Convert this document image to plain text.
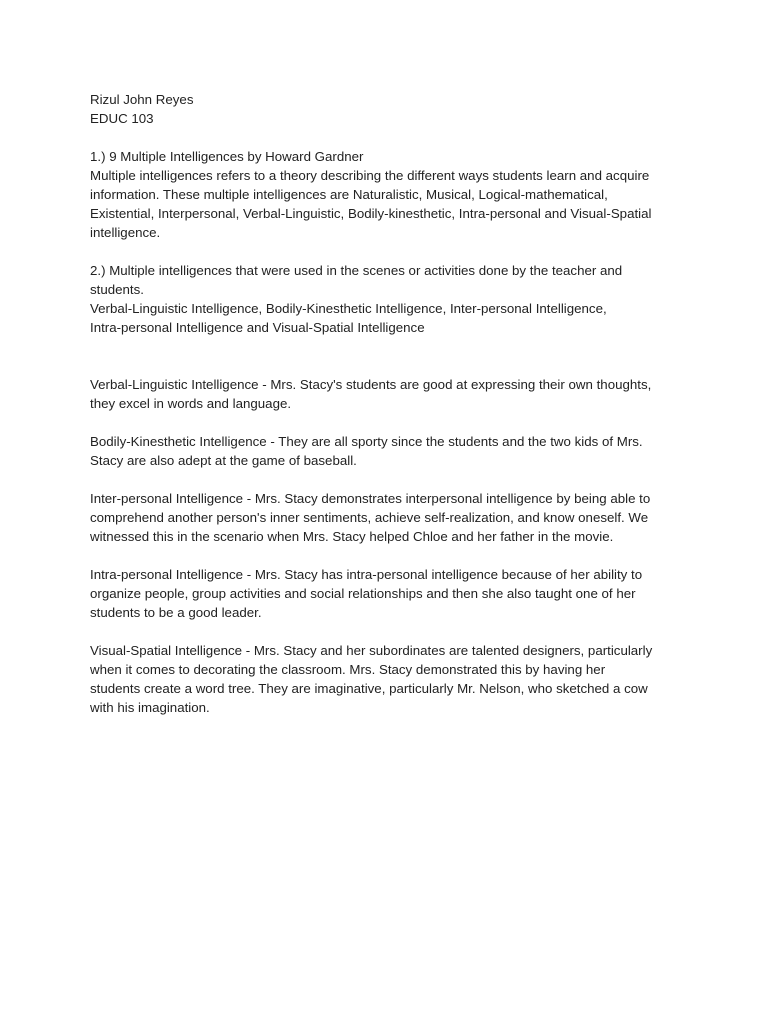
Rizul John Reyes
EDUC 103
1.) 9 Multiple Intelligences by Howard Gardner
Multiple intelligences refers to a theory describing the different ways students learn and acquire
information. These multiple intelligences are Naturalistic, Musical, Logical-mathematical,
Existential, Interpersonal, Verbal-Linguistic, Bodily-kinesthetic, Intra-personal and Visual-Spatial
intelligence.
2.) Multiple intelligences that were used in the scenes or activities done by the teacher and
students.
Verbal-Linguistic Intelligence, Bodily-Kinesthetic Intelligence, Inter-personal Intelligence,
Intra-personal Intelligence and Visual-Spatial Intelligence
Verbal-Linguistic Intelligence - Mrs. Stacy's students are good at expressing their own thoughts,
they excel in words and language.
Bodily-Kinesthetic Intelligence - They are all sporty since the students and the two kids of Mrs.
Stacy are also adept at the game of baseball.
Inter-personal Intelligence - Mrs. Stacy demonstrates interpersonal intelligence by being able to
comprehend another person's inner sentiments, achieve self-realization, and know oneself. We
witnessed this in the scenario when Mrs. Stacy helped Chloe and her father in the movie.
Intra-personal Intelligence - Mrs. Stacy has intra-personal intelligence because of her ability to
organize people, group activities and social relationships and then she also taught one of her
students to be a good leader.
Visual-Spatial Intelligence - Mrs. Stacy and her subordinates are talented designers, particularly
when it comes to decorating the classroom. Mrs. Stacy demonstrated this by having her
students create a word tree. They are imaginative, particularly Mr. Nelson, who sketched a cow
with his imagination.
